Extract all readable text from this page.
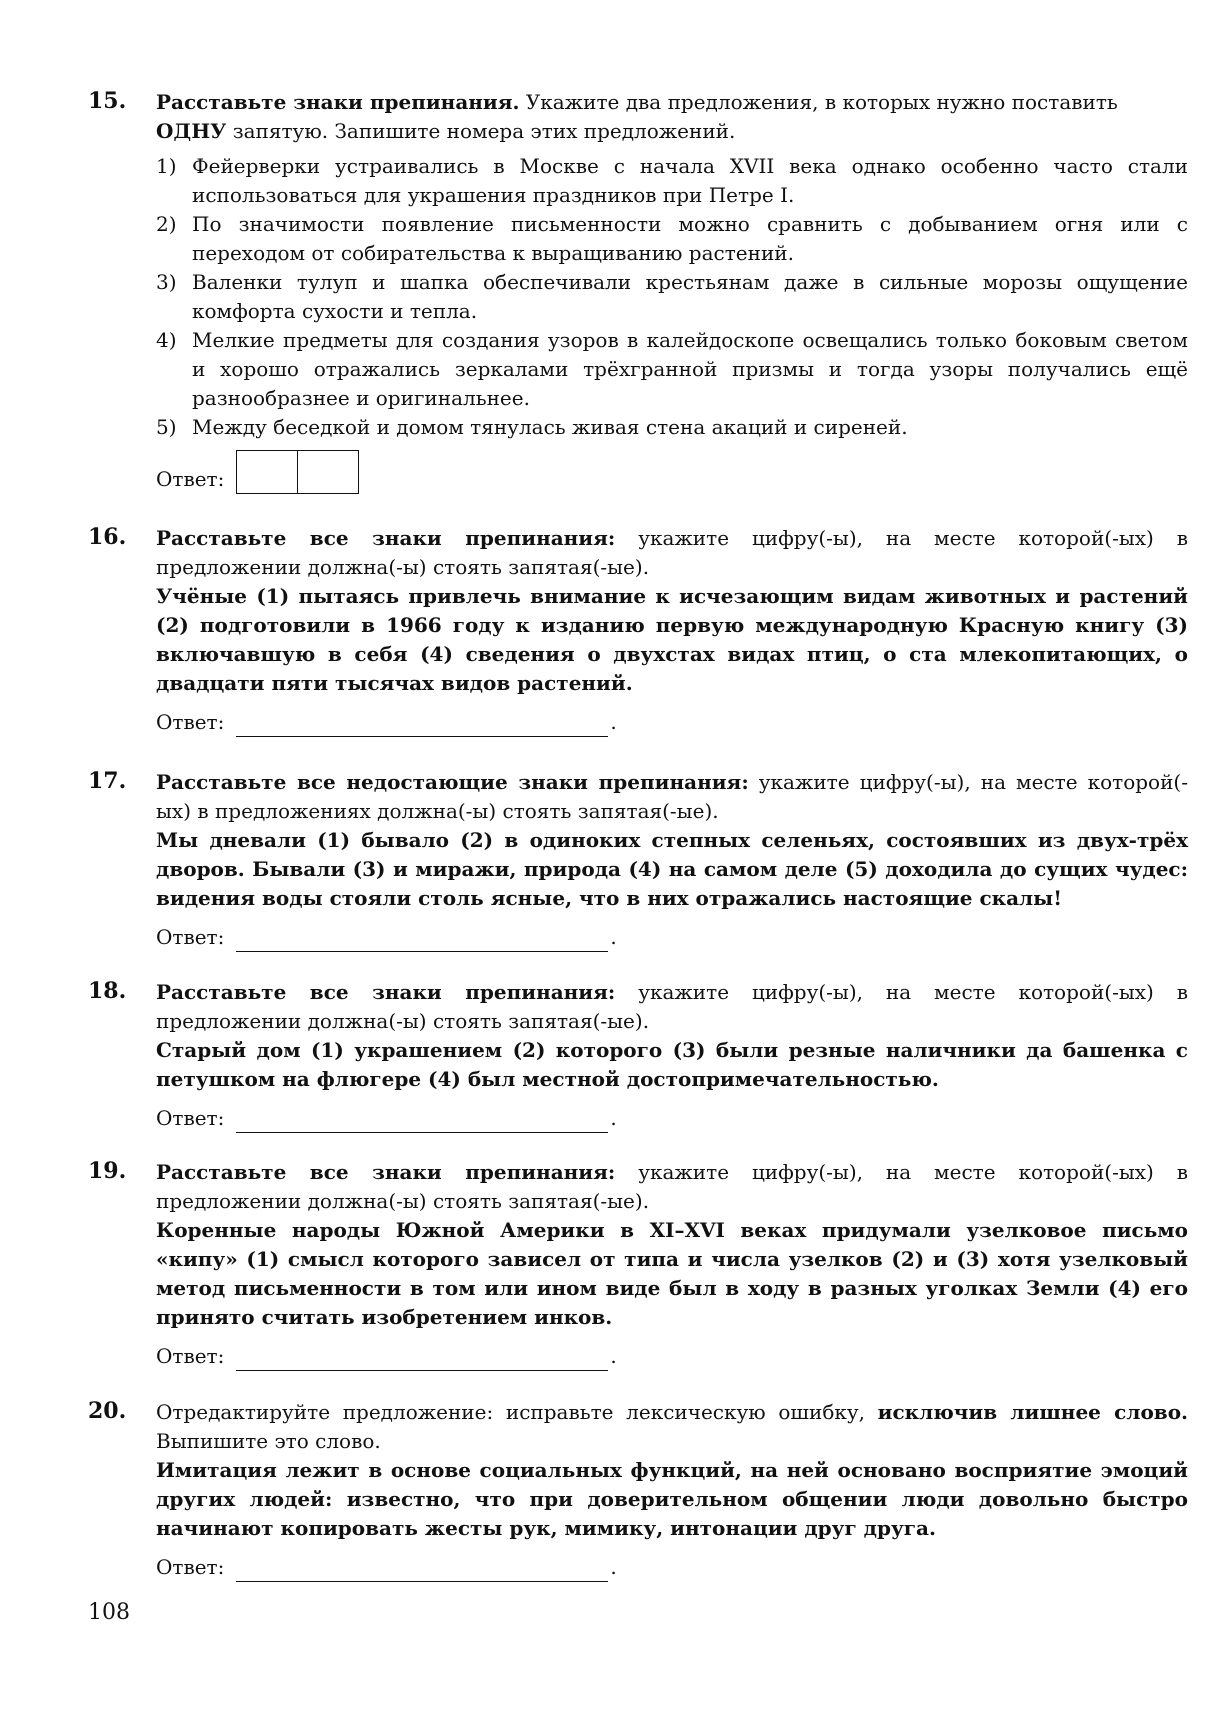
15. Расставьте знаки препинания. Укажите два предложения, в которых нужно поставить
ОДНУ запятую. Запишите номера этих предложений.

1) Фейерверки устраивались в Москве с начала XVII века однако особенно часто стали использоваться для украшения праздников при Петре I.
2) По значимости появление письменности можно сравнить с добыванием огня или с переходом от собирательства к выращиванию растений.
3) Валенки тулуп и шапка обеспечивали крестьянам даже в сильные морозы ощущение комфорта сухости и тепла.
4) Мелкие предметы для создания узоров в калейдоскопе освещались только боковым светом и хорошо отражались зеркалами трёхгранной призмы и тогда узоры получались ещё разнообразнее и оригинальнее.
5) Между беседкой и домом тянулась живая стена акаций и сиреней.
Ответ:
16. Расставьте все знаки препинания: укажите цифру(-ы), на месте которой(-ых) в предложении должна(-ы) стоять запятая(-ые).

Учёные (1) пытаясь привлечь внимание к исчезающим видам животных и растений (2) подготовили в 1966 году к изданию первую международную Красную книгу (3) включавшую в себя (4) сведения о двухстах видах птиц, о ста млекопитающих, о двадцати пяти тысячах видов растений.

Ответ:	.
17. Расставьте все недостающие знаки препинания: укажите цифру(-ы), на месте которой(-ых) в предложениях должна(-ы) стоять запятая(-ые).

Мы дневали (1) бывало (2) в одиноких степных селеньях, состоявших из двух-трёх дворов. Бывали (3) и миражи, природа (4) на самом деле (5) доходила до сущих чудес: видения воды стояли столь ясные, что в них отражались настоящие скалы!

Ответ:	.
18. Расставьте все знаки препинания: укажите цифру(-ы), на месте которой(-ых) в предложении должна(-ы) стоять запятая(-ые).

Старый дом (1) украшением (2) которого (3) были резные наличники да башенка с петушком на флюгере (4) был местной достопримечательностью.

Ответ:	.
19. Расставьте все знаки препинания: укажите цифру(-ы), на месте которой(-ых) в предложении должна(-ы) стоять запятая(-ые).

Коренные народы Южной Америки в XI–XVI веках придумали узелковое письмо «кипу» (1) смысл которого зависел от типа и числа узелков (2) и (3) хотя узелковый метод письменности в том или ином виде был в ходу в разных уголках Земли (4) его принято считать изобретением инков.

Ответ:	.
20. Отредактируйте предложение: исправьте лексическую ошибку, исключив лишнее слово. Выпишите это слово.

Имитация лежит в основе социальных функций, на ней основано восприятие эмоций других людей: известно, что при доверительном общении люди довольно быстро начинают копировать жесты рук, мимику, интонации друг друга.

Ответ:	.
108
